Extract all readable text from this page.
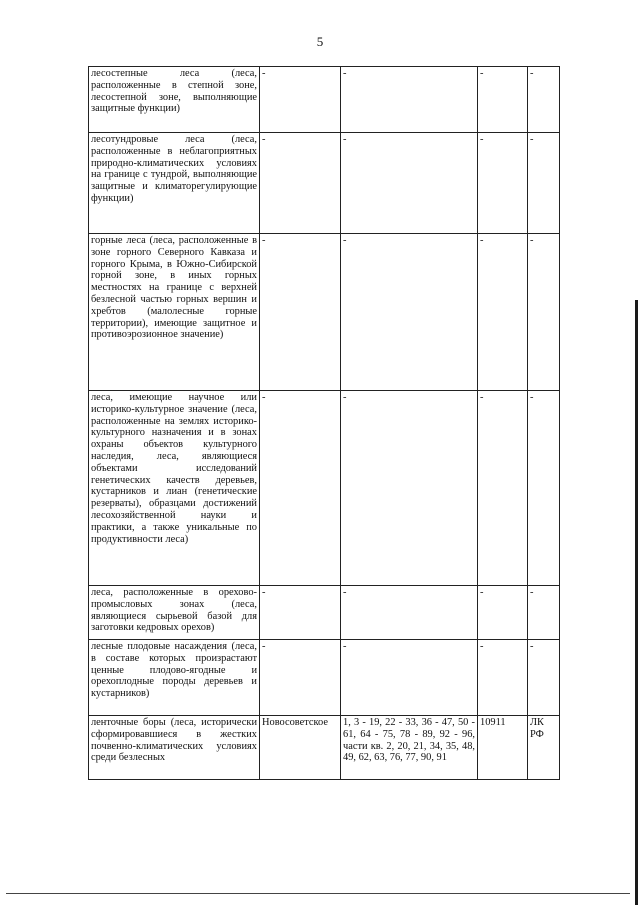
5
лесостепные леса (леса, расположенные в степной зоне, лесостепной зоне, выполняющие защитные функции)	-	-	-	-
лесотундровые леса (леса, расположенные в неблагоприятных природно-климатических условиях на границе с тундрой, выполняющие защитные и климаторегулирующие функции)	-	-	-	-
горные леса (леса, расположенные в зоне горного Северного Кавказа и горного Крыма, в Южно-Сибирской горной зоне, в иных горных местностях на границе с верхней безлесной частью горных вершин и хребтов (малолесные горные территории), имеющие защитное и противоэрозионное значение)	-	-	-	-
леса, имеющие научное или историко-культурное значение (леса, расположенные на землях историко-культурного назначения и в зонах охраны объектов культурного наследия, леса, являющиеся объектами исследований генетических качеств деревьев, кустарников и лиан (генетические резерваты), образцами достижений лесохозяйственной науки и практики, а также уникальные по продуктивности леса)	-	-	-	-
леса, расположенные в орехово-промысловых зонах (леса, являющиеся сырьевой базой для заготовки кедровых орехов)	-	-	-	-
лесные плодовые насаждения (леса, в составе которых произрастают ценные плодово-ягодные и орехоплодные породы деревьев и кустарников)	-	-	-	-
ленточные боры (леса, исторически сформировавшиеся в жестких почвенно-климатических условиях среди безлесных	Новосоветское	1, 3 - 19, 22 - 33, 36 - 47, 50 - 61, 64 - 75, 78 - 89, 92 - 96, части кв. 2, 20, 21, 34, 35, 48, 49, 62, 63, 76, 77, 90, 91	10911	ЛК РФ
